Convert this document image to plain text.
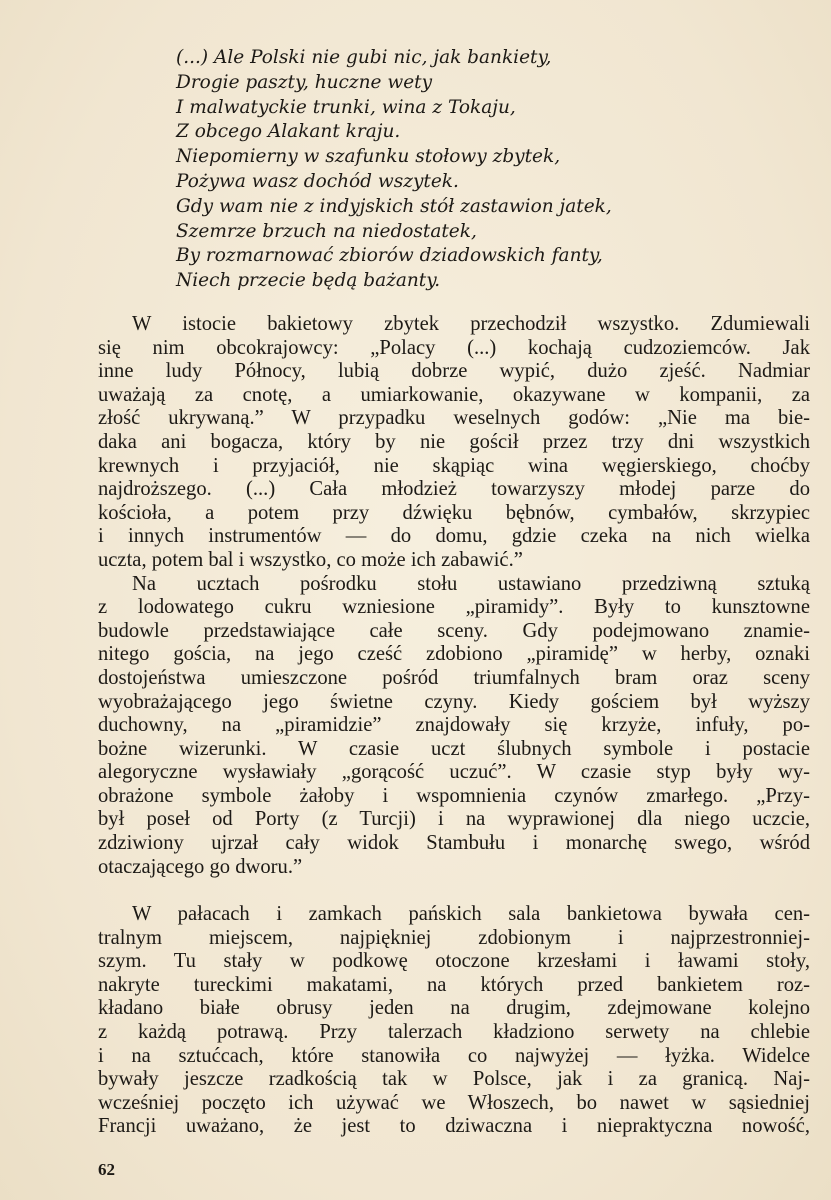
(...) Ale Polski nie gubi nic, jak bankiety,
Drogie paszty, huczne wety
I malwatyckie trunki, wina z Tokaju,
Z obcego Alakant kraju.
Niepomierny w szafunku stołowy zbytek,
Pożywa wasz dochód wszytek.
Gdy wam nie z indyjskich stół zastawion jatek,
Szemrze brzuch na niedostatek,
By rozmarnować zbiorów dziadowskich fanty,
Niech przecie będą bażanty.
W istocie bakietowy zbytek przechodził wszystko. Zdumiewali
się nim obcokrajowcy: „Polacy (...) kochają cudzoziemców. Jak
inne ludy Północy, lubią dobrze wypić, dużo zjeść. Nadmiar
uważają za cnotę, a umiarkowanie, okazywane w kompanii, za
złość ukrywaną.” W przypadku weselnych godów: „Nie ma bie-
daka ani bogacza, który by nie gościł przez trzy dni wszystkich
krewnych i przyjaciół, nie skąpiąc wina węgierskiego, choćby
najdroższego. (...) Cała młodzież towarzyszy młodej parze do
kościoła, a potem przy dźwięku bębnów, cymbałów, skrzypiec
i innych instrumentów — do domu, gdzie czeka na nich wielka
uczta, potem bal i wszystko, co może ich zabawić.”
Na ucztach pośrodku stołu ustawiano przedziwną sztuką
z lodowatego cukru wzniesione „piramidy”. Były to kunsztowne
budowle przedstawiające całe sceny. Gdy podejmowano znamie-
nitego gościa, na jego cześć zdobiono „piramidę” w herby, oznaki
dostojeństwa umieszczone pośród triumfalnych bram oraz sceny
wyobrażającego jego świetne czyny. Kiedy gościem był wyższy
duchowny, na „piramidzie” znajdowały się krzyże, infuły, po-
bożne wizerunki. W czasie uczt ślubnych symbole i postacie
alegoryczne wysławiały „gorącość uczuć”. W czasie styp były wy-
obrażone symbole żałoby i wspomnienia czynów zmarłego. „Przy-
był poseł od Porty (z Turcji) i na wyprawionej dla niego uczcie,
zdziwiony ujrzał cały widok Stambułu i monarchę swego, wśród
otaczającego go dworu.”
W pałacach i zamkach pańskich sala bankietowa bywała cen-
tralnym miejscem, najpiękniej zdobionym i najprzestronniej-
szym. Tu stały w podkowę otoczone krzesłami i ławami stoły,
nakryte tureckimi makatami, na których przed bankietem roz-
kładano białe obrusy jeden na drugim, zdejmowane kolejno
z każdą potrawą. Przy talerzach kładziono serwety na chlebie
i na sztućcach, które stanowiła co najwyżej — łyżka. Widelce
bywały jeszcze rzadkością tak w Polsce, jak i za granicą. Naj-
wcześniej poczęto ich używać we Włoszech, bo nawet w sąsiedniej
Francji uważano, że jest to dziwaczna i niepraktyczna nowość,
62
